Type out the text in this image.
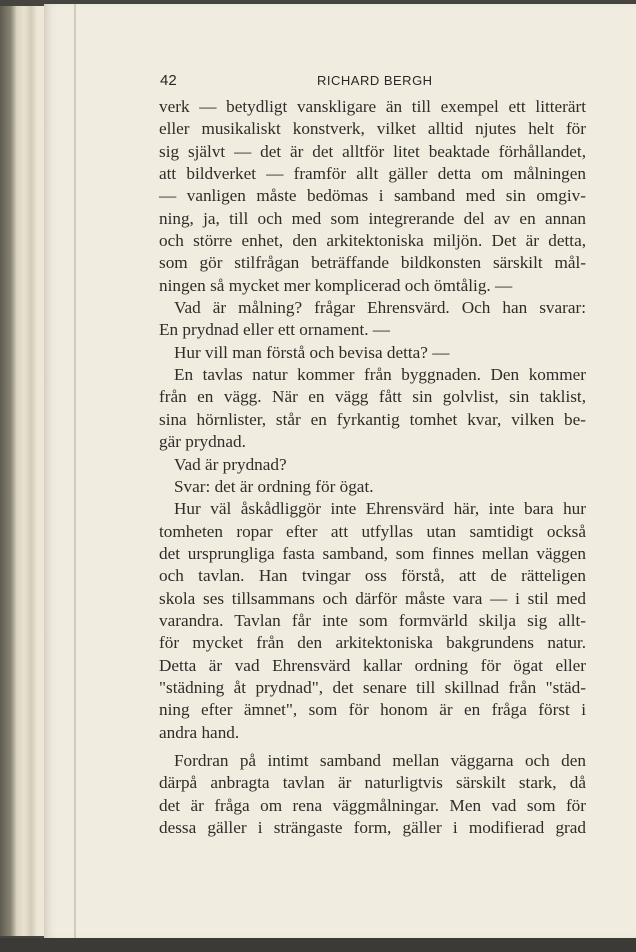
42	RICHARD BERGH
verk — betydligt vanskligare än till exempel ett litterärt
eller musikaliskt konstverk, vilket alltid njutes helt för
sig självt — det är det alltför litet beaktade förhållandet,
att bildverket — framför allt gäller detta om målningen
— vanligen måste bedömas i samband med sin omgiv-
ning, ja, till och med som integrerande del av en annan
och större enhet, den arkitektoniska miljön. Det är detta,
som gör stilfrågan beträffande bildkonsten särskilt mål-
ningen så mycket mer komplicerad och ömtålig. —
Vad är målning? frågar Ehrensvärd. Och han svarar:
En prydnad eller ett ornament. —
Hur vill man förstå och bevisa detta? —
En tavlas natur kommer från byggnaden. Den kommer
från en vägg. När en vägg fått sin golvlist, sin taklist,
sina hörnlister, står en fyrkantig tomhet kvar, vilken be-
gär prydnad.
Vad är prydnad?
Svar: det är ordning för ögat.
Hur väl åskådliggör inte Ehrensvärd här, inte bara hur
tomheten ropar efter att utfyllas utan samtidigt också
det ursprungliga fasta samband, som finnes mellan väggen
och tavlan. Han tvingar oss förstå, att de rätteligen
skola ses tillsammans och därför måste vara — i stil med
varandra. Tavlan får inte som formvärld skilja sig allt-
för mycket från den arkitektoniska bakgrundens natur.
Detta är vad Ehrensvärd kallar ordning för ögat eller
"städning åt prydnad", det senare till skillnad från "städ-
ning efter ämnet", som för honom är en fråga först i
andra hand.
Fordran på intimt samband mellan väggarna och den
därpå anbragta tavlan är naturligtvis särskilt stark, då
det är fråga om rena väggmålningar. Men vad som för
dessa gäller i strängaste form, gäller i modifierad grad
